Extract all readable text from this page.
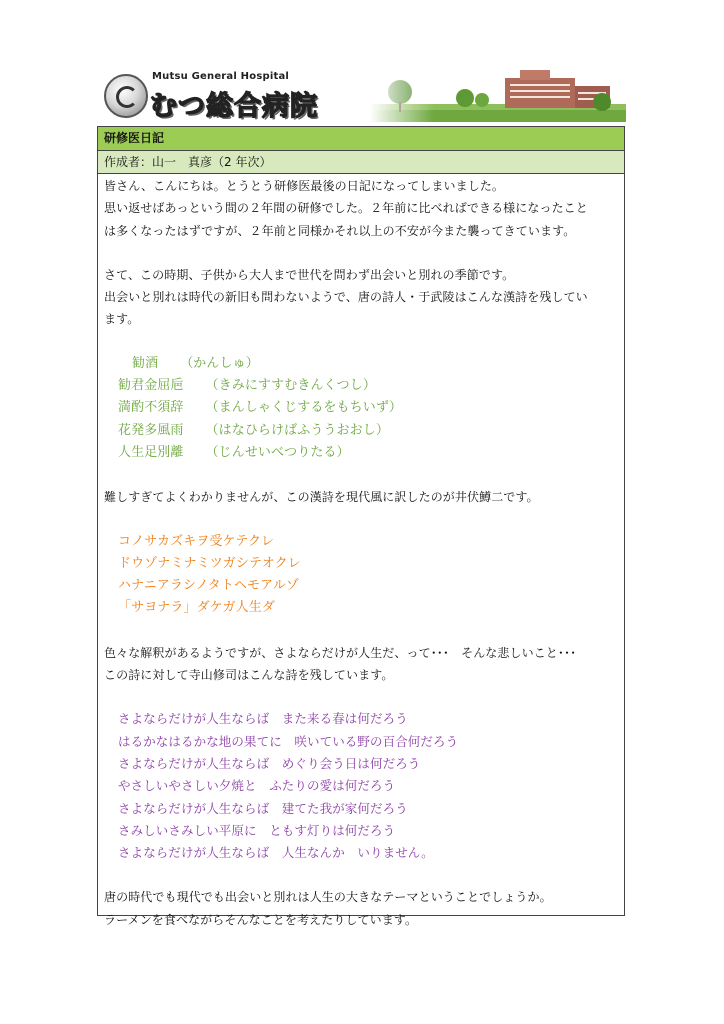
Mutsu General Hospital
むつ総合病院
研修医日記
作成者：山一　真彦（2 年次）

皆さん、こんにちは。とうとう研修医最後の日記になってしまいました。

思い返せばあっという間の２年間の研修でした。２年前に比べればできる様になったこと

は多くなったはずですが、２年前と同様かそれ以上の不安が今また襲ってきています。

さて、この時期、子供から大人まで世代を問わず出会いと別れの季節です。

出会いと別れは時代の新旧も問わないようで、唐の詩人・于武陵はこんな漢詩を残してい

ます。

勧酒 （かんしゅ）
勧君金屈巵 （きみにすすむきんくつし）
満酌不須辞 （まんしゃくじするをもちいず）
花発多風雨 （はなひらけばふううおおし）
人生足別離 （じんせいべつりたる）

難しすぎてよくわかりませんが、この漢詩を現代風に訳したのが井伏鱒二です。

コノサカズキヲ受ケテクレ
ドウゾナミナミツガシテオクレ
ハナニアラシノタトヘモアルゾ
「サヨナラ」ダケガ人生ダ

色々な解釈があるようですが、さよならだけが人生だ、って･･･　そんな悲しいこと･･･

この詩に対して寺山修司はこんな詩を残しています。

さよならだけが人生ならば　また来る春は何だろう
はるかなはるかな地の果てに　咲いている野の百合何だろう
さよならだけが人生ならば　めぐり会う日は何だろう
やさしいやさしい夕焼と　ふたりの愛は何だろう
さよならだけが人生ならば　建てた我が家何だろう
さみしいさみしい平原に　ともす灯りは何だろう
さよならだけが人生ならば　人生なんか　いりません。

唐の時代でも現代でも出会いと別れは人生の大きなテーマということでしょうか。

ラーメンを食べながらそんなことを考えたりしています。
